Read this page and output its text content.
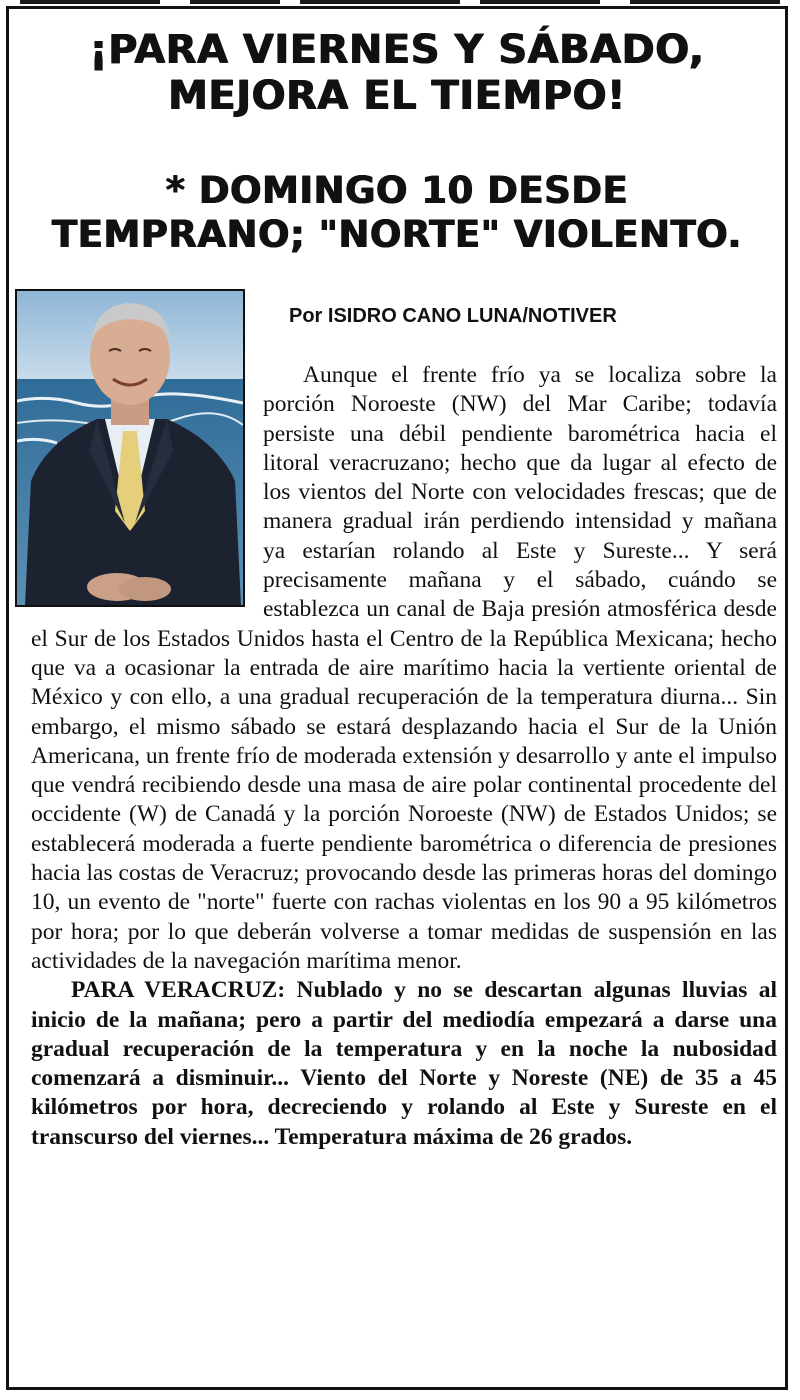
¡PARA VIERNES Y SÁBADO,
MEJORA EL TIEMPO!
* DOMINGO 10 DESDE
TEMPRANO; "NORTE" VIOLENTO.

Por ISIDRO CANO LUNA/NOTIVER

Aunque el frente frío ya se localiza sobre la porción Noroeste (NW) del Mar Caribe; todavía persiste una débil pendiente barométrica hacia el litoral veracruzano; hecho que da lugar al efecto de los vientos del Norte con velocidades frescas; que de manera gradual irán perdiendo intensidad y mañana ya estarían rolando al Este y Sureste... Y será precisamente mañana y el sábado, cuándo se establezca un canal de Baja presión atmosférica desde el Sur de los Estados Unidos hasta el Centro de la República Mexicana; hecho que va a ocasionar la entrada de aire marítimo hacia la vertiente oriental de México y con ello, a una gradual recuperación de la temperatura diurna... Sin embargo, el mismo sábado se estará desplazando hacia el Sur de la Unión Americana, un frente frío de moderada extensión y desarrollo y ante el impulso que vendrá recibiendo desde una masa de aire polar continental procedente del occidente (W) de Canadá y la porción Noroeste (NW) de Estados Unidos; se establecerá moderada a fuerte pendiente barométrica o diferencia de presiones hacia las costas de Veracruz; provocando desde las primeras horas del domingo 10, un evento de "norte" fuerte con rachas violentas en los 90 a 95 kilómetros por hora; por lo que deberán volverse a tomar medidas de suspensión en las actividades de la navegación marítima menor.

PARA VERACRUZ: Nublado y no se descartan algunas lluvias al inicio de la mañana; pero a partir del mediodía empezará a darse una gradual recuperación de la temperatura y en la noche la nubosidad comenzará a disminuir... Viento del Norte y Noreste (NE) de 35 a 45 kilómetros por hora, decreciendo y rolando al Este y Sureste en el transcurso del viernes... Temperatura máxima de 26 grados.
